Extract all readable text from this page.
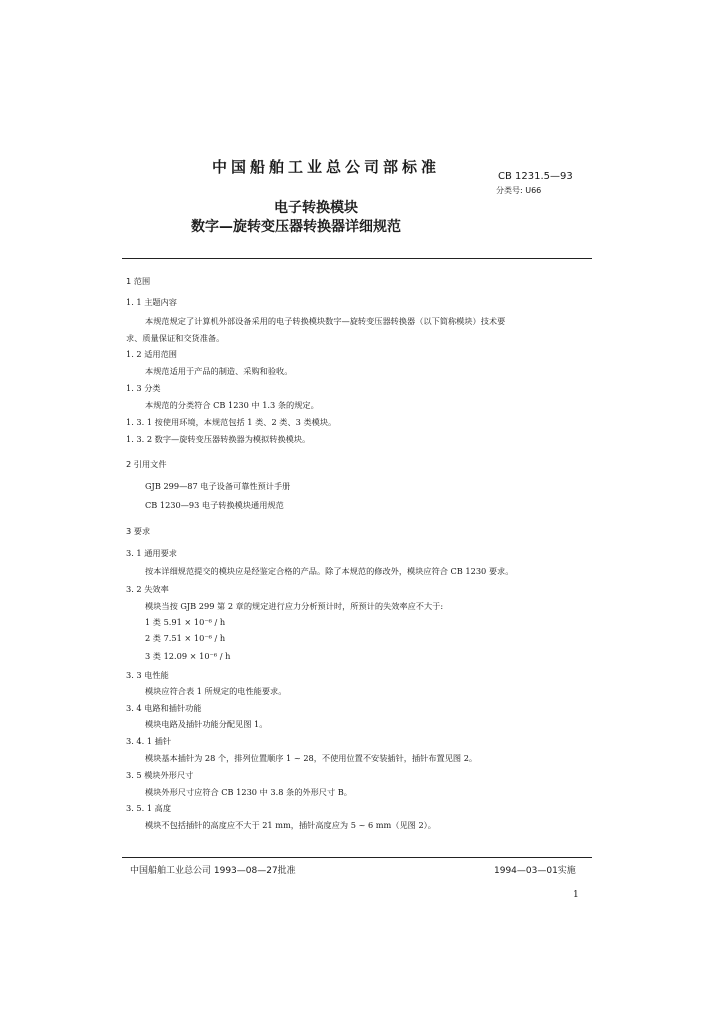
中国船舶工业总公司部标准
CB 1231.5—93
分类号: U66
电子转换模块
数字—旋转变压器转换器详细规范
1 范围
1. 1 主题内容
本规范规定了计算机外部设备采用的电子转换模块数字—旋转变压器转换器（以下简称模块）技术要
求、质量保证和交货准备。
1. 2 适用范围
本规范适用于产品的制造、采购和验收。
1. 3 分类
本规范的分类符合 CB 1230 中 1.3 条的规定。
1. 3. 1 按使用环境，本规范包括 1 类、2 类、3 类模块。
1. 3. 2 数字—旋转变压器转换器为模拟转换模块。
2 引用文件
GJB 299—87 电子设备可靠性预计手册
CB 1230—93 电子转换模块通用规范
3 要求
3. 1 通用要求
按本详细规范提交的模块应是经鉴定合格的产品。除了本规范的修改外，模块应符合 CB 1230 要求。
3. 2 失效率
模块当按 GJB 299 第 2 章的规定进行应力分析预计时，所预计的失效率应不大于:
1 类 5.91 × 10⁻⁶ / h
2 类 7.51 × 10⁻⁶ / h
3 类 12.09 × 10⁻⁶ / h
3. 3 电性能
模块应符合表 1 所规定的电性能要求。
3. 4 电路和插针功能
模块电路及插针功能分配见图 1。
3. 4. 1 插针
模块基本插针为 28 个，排列位置顺序 1 ~ 28，不使用位置不安装插针，插针布置见图 2。
3. 5 模块外形尺寸
模块外形尺寸应符合 CB 1230 中 3.8 条的外形尺寸 B。
3. 5. 1 高度
模块不包括插针的高度应不大于 21 mm，插针高度应为 5 ~ 6 mm（见图 2）。
中国船舶工业总公司 1993—08—27批准	1994—03—01实施
1
